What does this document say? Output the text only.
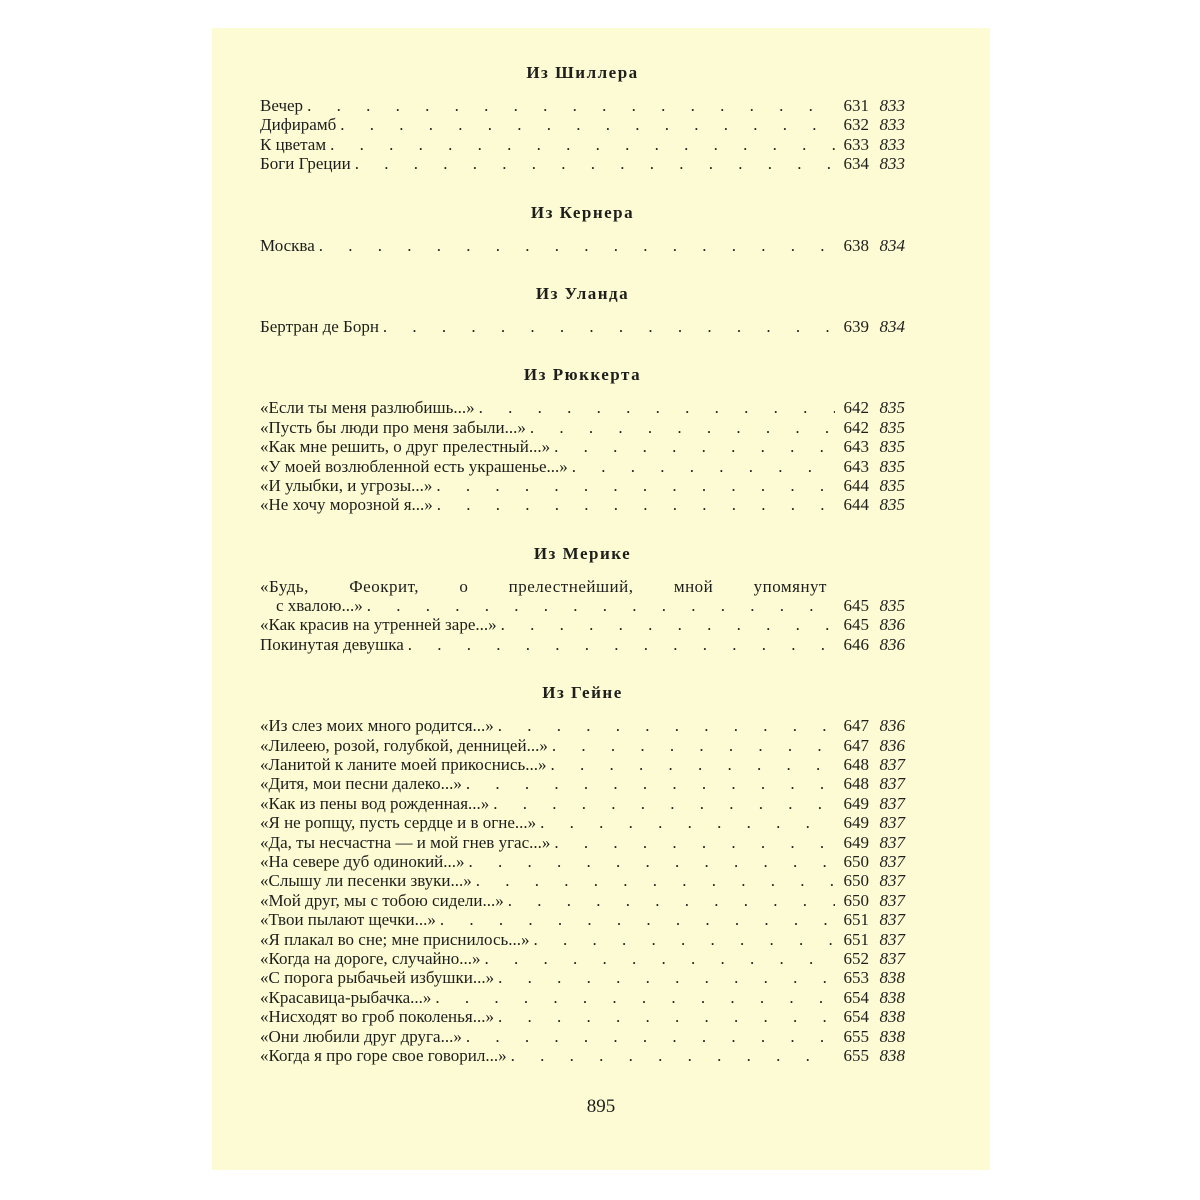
Из Шиллера
Вечер . . .	631 833
Дифирамб . . .	632 833
К цветам . . .	633 833
Боги Греции . . .	634 833
Из Кернера
Москва . . .	638 834
Из Уланда
Бертран де Борн . . .	639 834
Из Рюккерта
«Если ты меня разлюбишь...» . . .	642 835
«Пусть бы люди про меня забыли...» . . .	642 835
«Как мне решить, о друг прелестный...» . . .	643 835
«У моей возлюбленной есть украшенье...» . . .	643 835
«И улыбки, и угрозы...» . . .	644 835
«Не хочу морозной я...» . . .	644 835
Из Мерике
«Будь, Феокрит, о прелестнейший, мной упомянут
с хвалою...» . . .	645 835
«Как красив на утренней заре...» . . .	645 836
Покинутая девушка . . .	646 836
Из Гейне
«Из слез моих много родится...» . . .	647 836
«Лилеею, розой, голубкой, денницей...» . . .	647 836
«Ланитой к ланите моей прикоснись...» . . .	648 837
«Дитя, мои песни далеко...» . . .	648 837
«Как из пены вод рожденная...» . . .	649 837
«Я не ропщу, пусть сердце и в огне...» . . .	649 837
«Да, ты несчастна — и мой гнев угас...» . . .	649 837
«На севере дуб одинокий...» . . .	650 837
«Слышу ли песенки звуки...» . . .	650 837
«Мой друг, мы с тобою сидели...» . . .	650 837
«Твои пылают щечки...» . . .	651 837
«Я плакал во сне; мне приснилось...» . . .	651 837
«Когда на дороге, случайно...» . . .	652 837
«С порога рыбачьей избушки...» . . .	653 838
«Красавица-рыбачка...» . . .	654 838
«Нисходят во гроб поколенья...» . . .	654 838
«Они любили друг друга...» . . .	655 838
«Когда я про горе свое говорил...» . . .	655 838
895
